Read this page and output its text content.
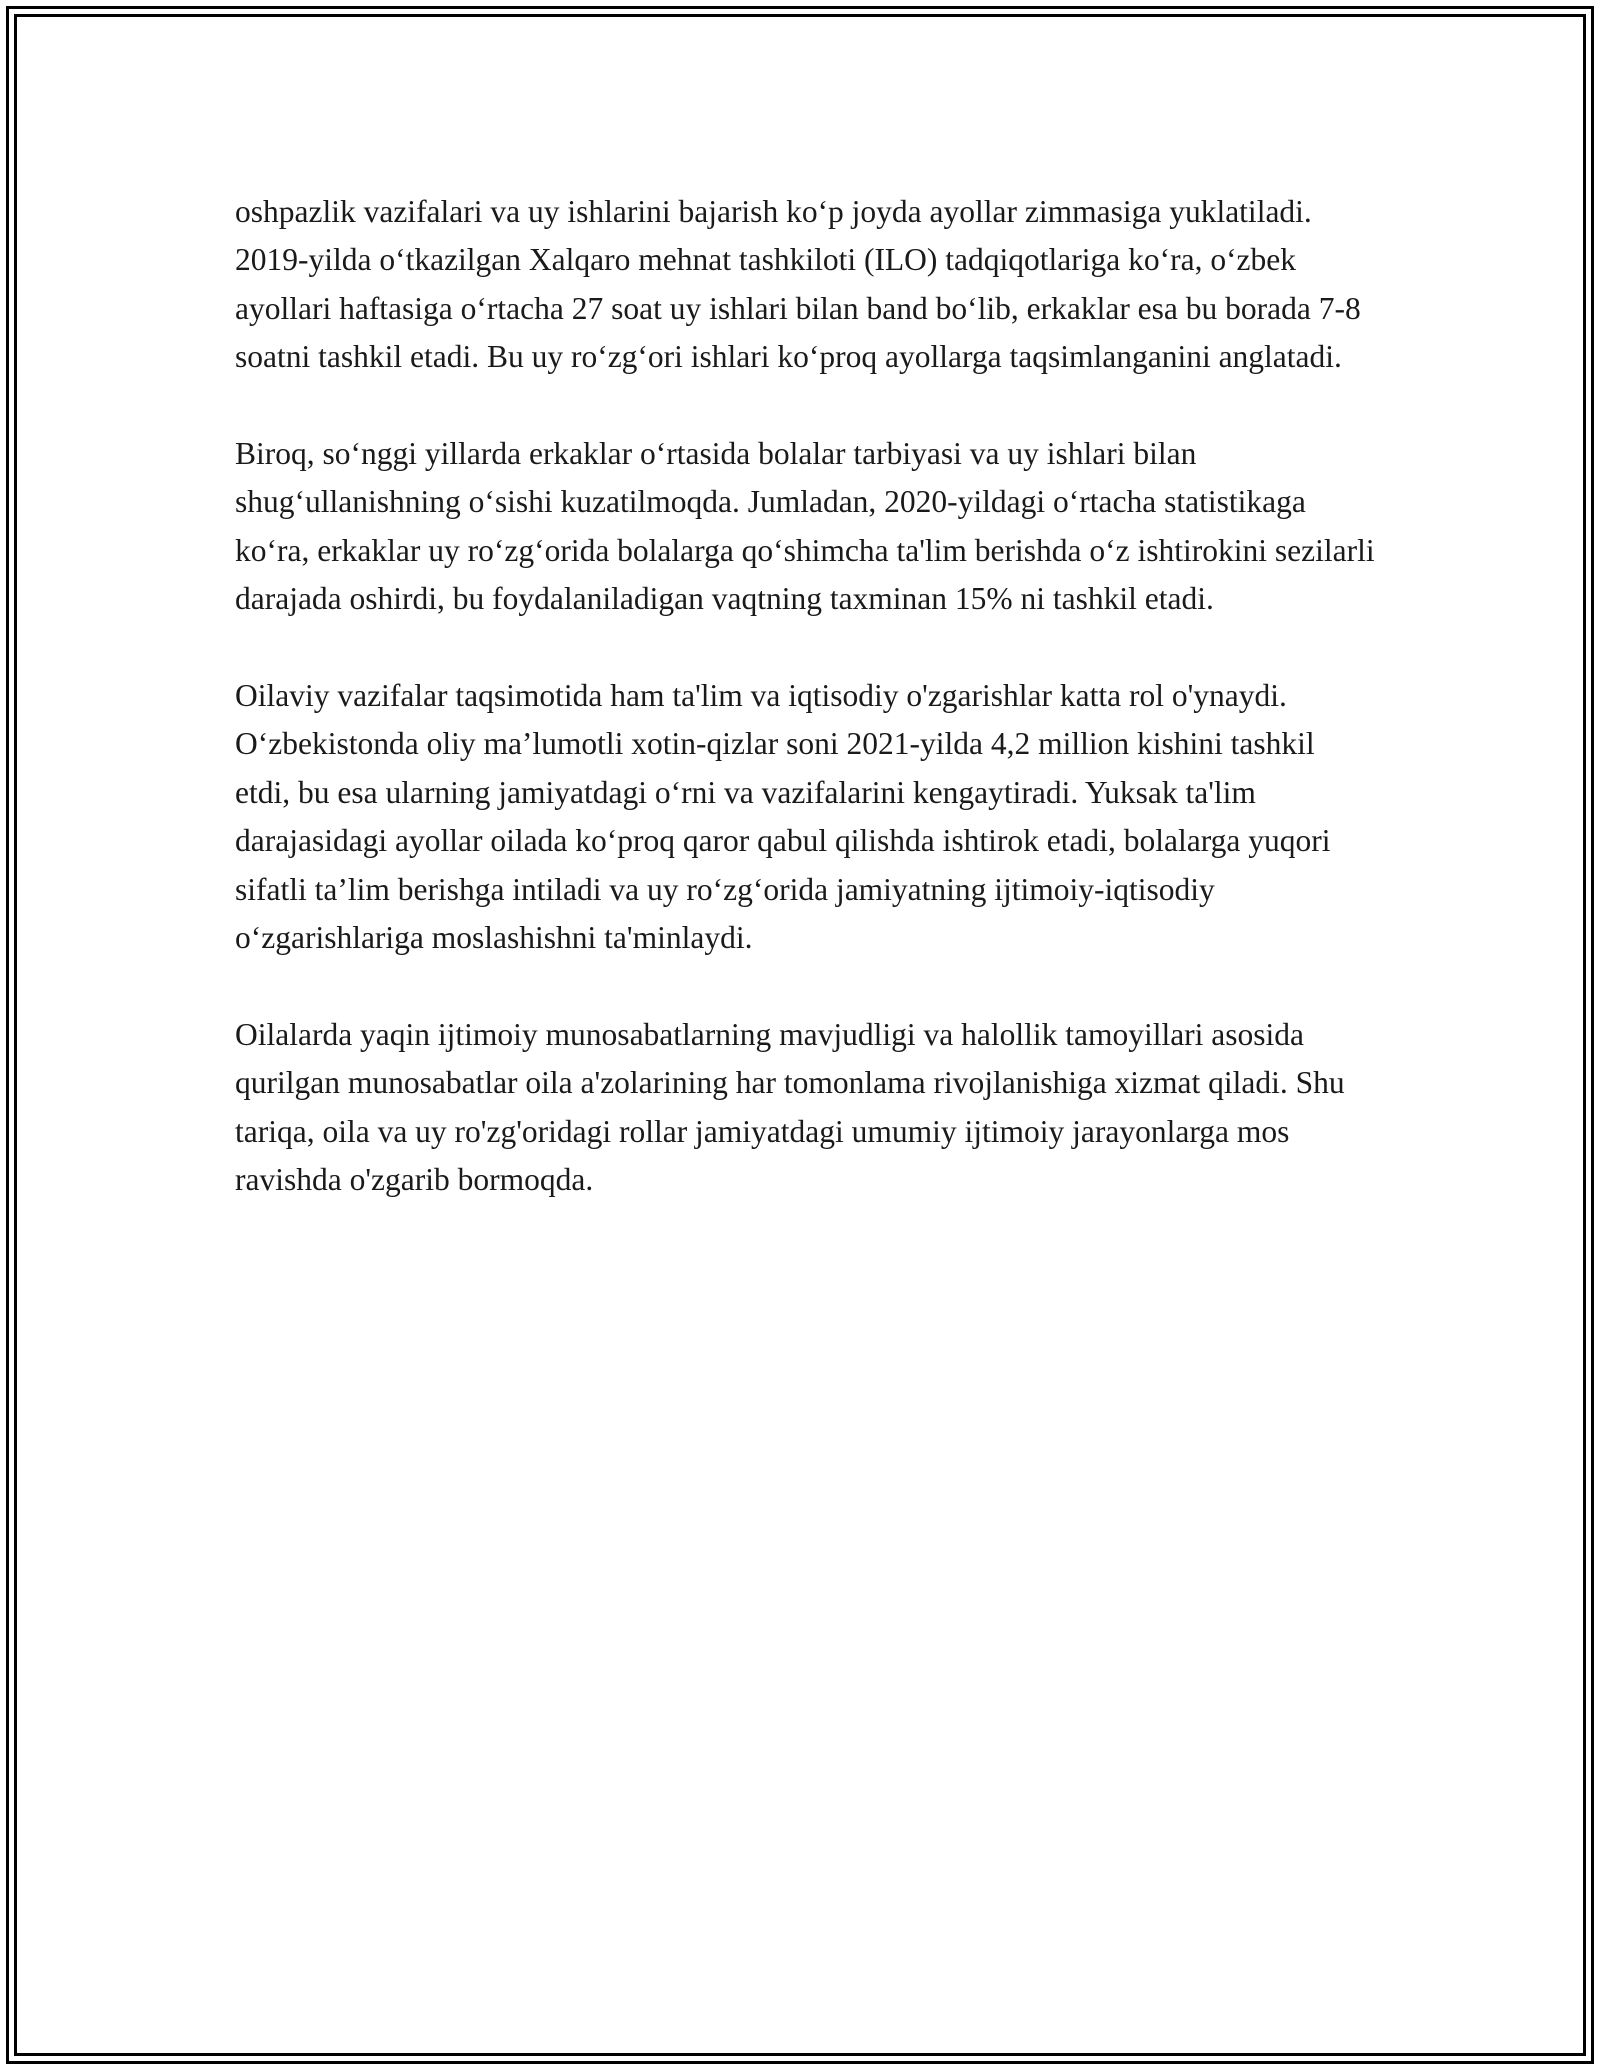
oshpazlik vazifalari va uy ishlarini bajarish ko‘p joyda ayollar zimmasiga yuklatiladi. 2019-yilda o‘tkazilgan Xalqaro mehnat tashkiloti (ILO) tadqiqotlariga ko‘ra, o‘zbek ayollari haftasiga o‘rtacha 27 soat uy ishlari bilan band bo‘lib, erkaklar esa bu borada 7-8 soatni tashkil etadi. Bu uy ro‘zg‘ori ishlari ko‘proq ayollarga taqsimlanganini anglatadi.

Biroq, so‘nggi yillarda erkaklar o‘rtasida bolalar tarbiyasi va uy ishlari bilan shug‘ullanishning o‘sishi kuzatilmoqda. Jumladan, 2020-yildagi o‘rtacha statistikaga ko‘ra, erkaklar uy ro‘zg‘orida bolalarga qo‘shimcha ta'lim berishda o‘z ishtirokini sezilarli darajada oshirdi, bu foydalaniladigan vaqtning taxminan 15% ni tashkil etadi.

Oilaviy vazifalar taqsimotida ham ta'lim va iqtisodiy o'zgarishlar katta rol o'ynaydi. O‘zbekistonda oliy ma’lumotli xotin-qizlar soni 2021-yilda 4,2 million kishini tashkil etdi, bu esa ularning jamiyatdagi o‘rni va vazifalarini kengaytiradi. Yuksak ta'lim darajasidagi ayollar oilada ko‘proq qaror qabul qilishda ishtirok etadi, bolalarga yuqori sifatli ta’lim berishga intiladi va uy ro‘zg‘orida jamiyatning ijtimoiy-iqtisodiy o‘zgarishlariga moslashishni ta'minlaydi.

Oilalarda yaqin ijtimoiy munosabatlarning mavjudligi va halollik tamoyillari asosida qurilgan munosabatlar oila a'zolarining har tomonlama rivojlanishiga xizmat qiladi. Shu tariqa, oila va uy ro'zg'oridagi rollar jamiyatdagi umumiy ijtimoiy jarayonlarga mos ravishda o'zgarib bormoqda.
